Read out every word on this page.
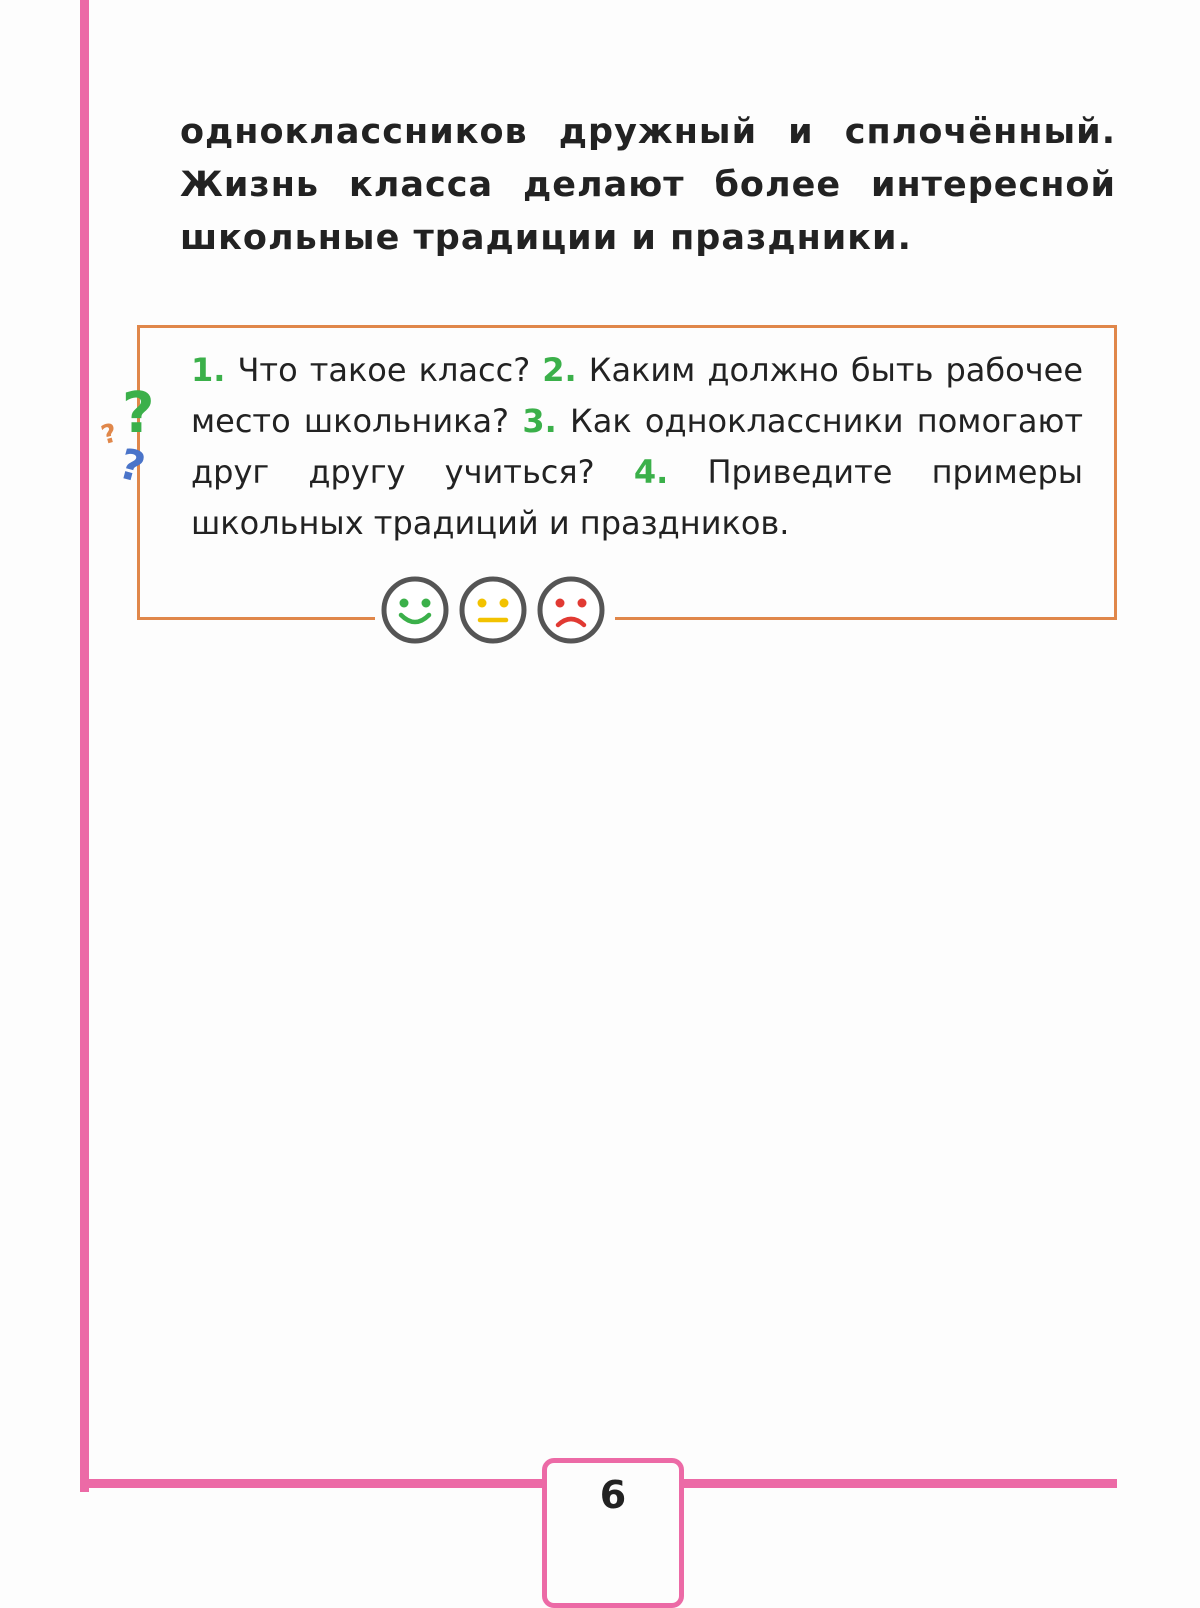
одноклассников дружный и сплочённый. Жизнь класса делают более интересной школьные традиции и праздники.

?
?
?

1. Что такое класс? 2. Каким должно быть рабочее место школьника? 3. Как одноклассники помогают друг другу учиться? 4. Приведите примеры школьных традиций и праздников.

6
